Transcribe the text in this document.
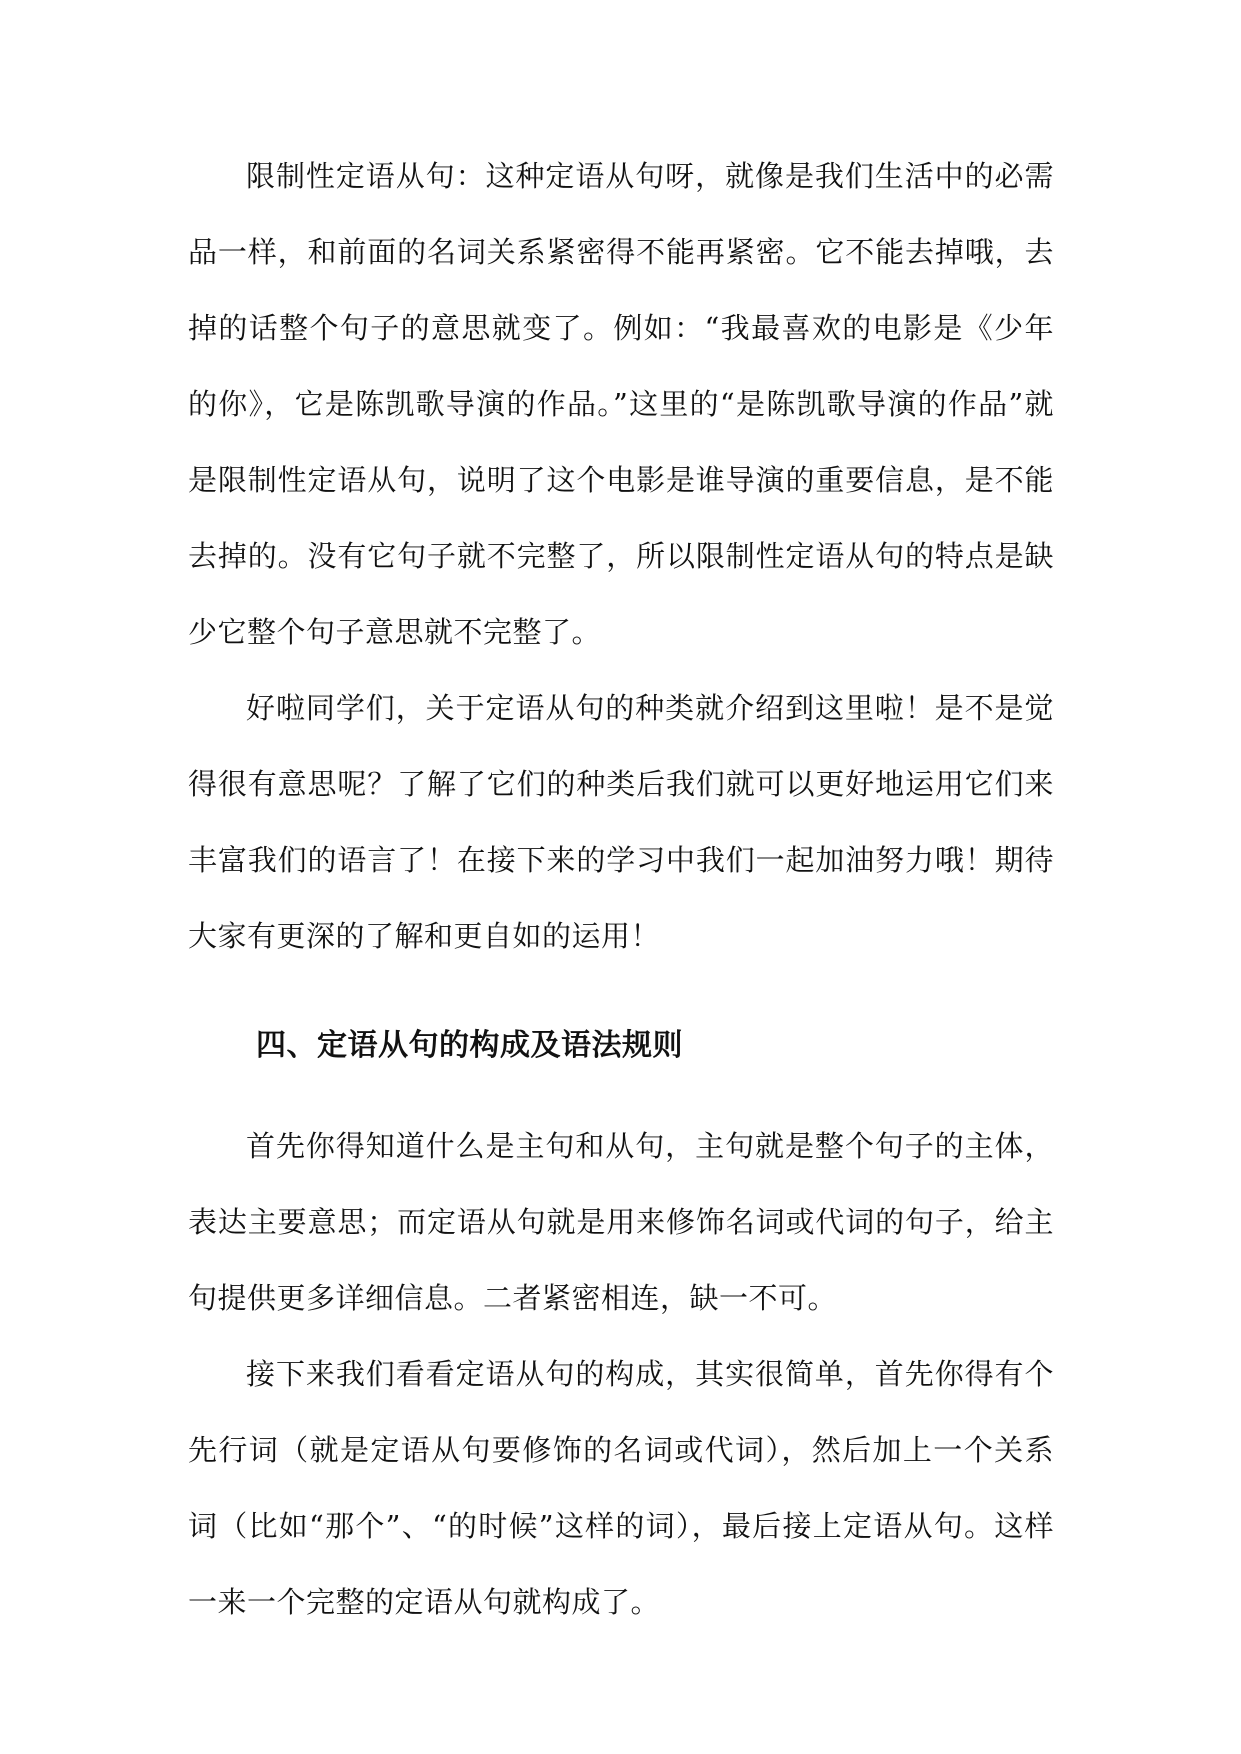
限制性定语从句：这种定语从句呀，就像是我们生活中的必需品一样，和前面的名词关系紧密得不能再紧密。它不能去掉哦，去掉的话整个句子的意思就变了。例如：“我最喜欢的电影是《少年的你》，它是陈凯歌导演的作品。”这里的“是陈凯歌导演的作品”就是限制性定语从句，说明了这个电影是谁导演的重要信息，是不能去掉的。没有它句子就不完整了，所以限制性定语从句的特点是缺少它整个句子意思就不完整了。

好啦同学们，关于定语从句的种类就介绍到这里啦！是不是觉得很有意思呢？了解了它们的种类后我们就可以更好地运用它们来丰富我们的语言了！在接下来的学习中我们一起加油努力哦！期待大家有更深的了解和更自如的运用！

四、定语从句的构成及语法规则

首先你得知道什么是主句和从句，主句就是整个句子的主体，表达主要意思；而定语从句就是用来修饰名词或代词的句子，给主句提供更多详细信息。二者紧密相连，缺一不可。

接下来我们看看定语从句的构成，其实很简单，首先你得有个先行词（就是定语从句要修饰的名词或代词），然后加上一个关系词（比如“那个”、“的时候”这样的词），最后接上定语从句。这样一来一个完整的定语从句就构成了。
